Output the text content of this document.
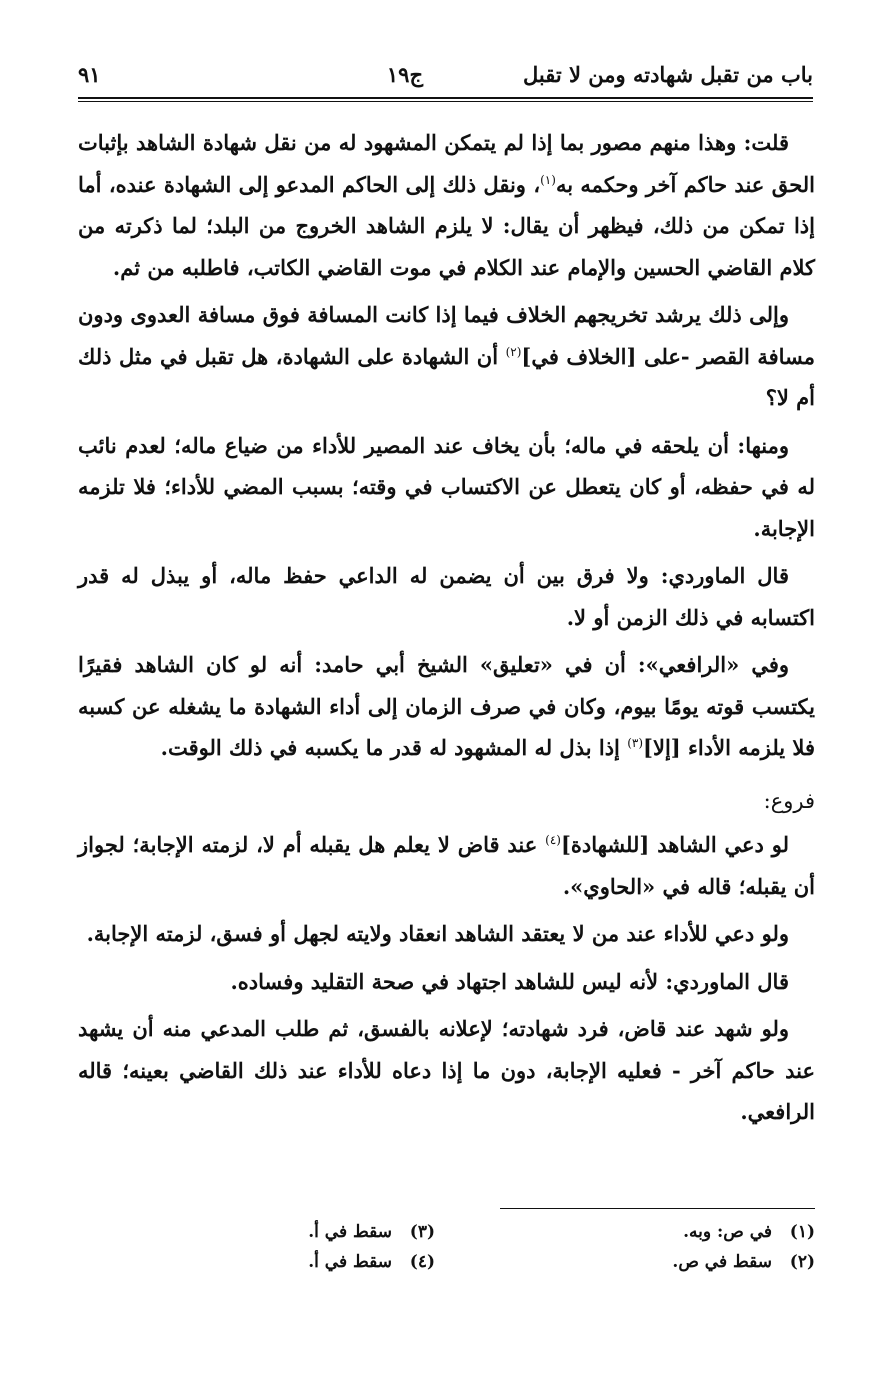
باب من تقبل شهادته ومن لا تقبل
ج١٩
٩١

قلت: وهذا منهم مصور بما إذا لم يتمكن المشهود له من نقل شهادة الشاهد بإثبات الحق عند حاكم آخر وحكمه به$^{(١)}$، ونقل ذلك إلى الحاكم المدعو إلى الشهادة عنده، أما إذا تمكن من ذلك، فيظهر أن يقال: لا يلزم الشاهد الخروج من البلد؛ لما ذكرته من كلام القاضي الحسين والإمام عند الكلام في موت القاضي الكاتب، فاطلبه من ثم.

وإلى ذلك يرشد تخريجهم الخلاف فيما إذا كانت المسافة فوق مسافة العدوى ودون مسافة القصر -على [الخلاف في]$^{(٢)}$ أن الشهادة على الشهادة، هل تقبل في مثل ذلك أم لا؟

ومنها: أن يلحقه في ماله؛ بأن يخاف عند المصير للأداء من ضياع ماله؛ لعدم نائب له في حفظه، أو كان يتعطل عن الاكتساب في وقته؛ بسبب المضي للأداء؛ فلا تلزمه الإجابة.

قال الماوردي: ولا فرق بين أن يضمن له الداعي حفظ ماله، أو يبذل له قدر اكتسابه في ذلك الزمن أو لا.

وفي «الرافعي»: أن في «تعليق» الشيخ أبي حامد: أنه لو كان الشاهد فقيرًا يكتسب قوته يومًا بيوم، وكان في صرف الزمان إلى أداء الشهادة ما يشغله عن كسبه فلا يلزمه الأداء [إلا]$^{(٣)}$ إذا بذل له المشهود له قدر ما يكسبه في ذلك الوقت.

فروع:

لو دعي الشاهد [للشهادة]$^{(٤)}$ عند قاض لا يعلم هل يقبله أم لا، لزمته الإجابة؛ لجواز أن يقبله؛ قاله في «الحاوي».

ولو دعي للأداء عند من لا يعتقد الشاهد انعقاد ولايته لجهل أو فسق، لزمته الإجابة.

قال الماوردي: لأنه ليس للشاهد اجتهاد في صحة التقليد وفساده.

ولو شهد عند قاض، فرد شهادته؛ لإعلانه بالفسق، ثم طلب المدعي منه أن يشهد عند حاكم آخر - فعليه الإجابة، دون ما إذا دعاه للأداء عند ذلك القاضي بعينه؛ قاله الرافعي.

(١)   في ص: وبه.
(٢)   سقط في ص.
(٣)   سقط في أ.
(٤)   سقط في أ.
